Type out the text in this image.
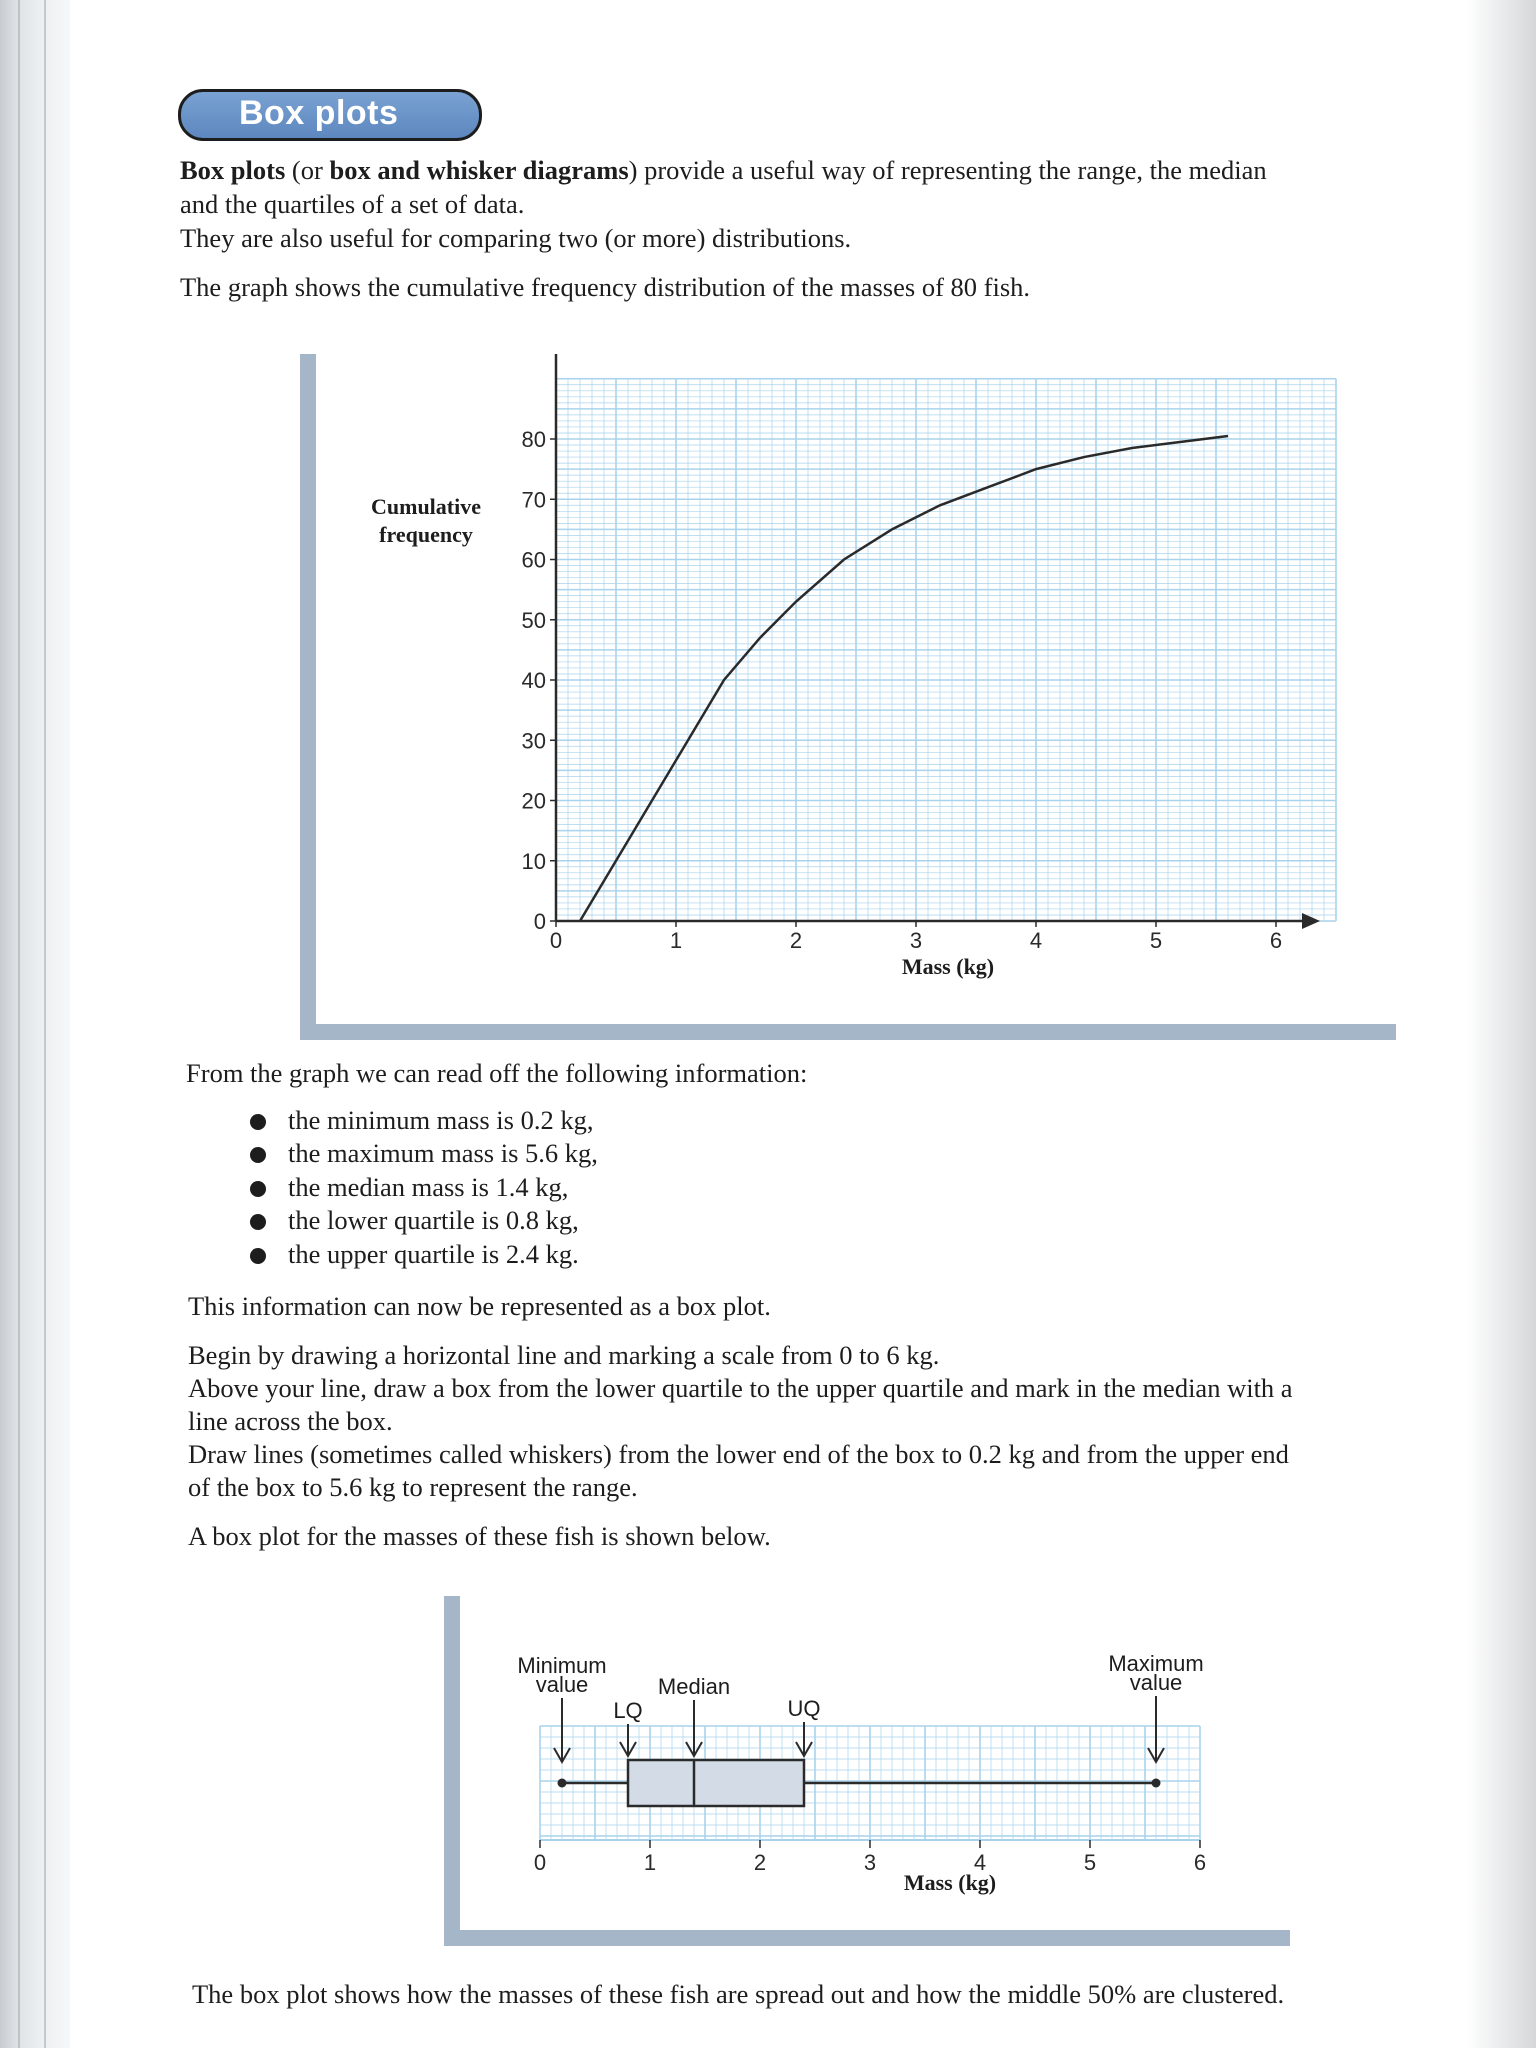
Box plots
Box plots (or box and whisker diagrams) provide a useful way of representing the range, the median
and the quartiles of a set of data.
They are also useful for comparing two (or more) distributions.
The graph shows the cumulative frequency distribution of the masses of 80 fish.
0	1	2	3	4	5	6
0
10
20
30
40
50
60
70
80
Cumulative
frequency
Mass (kg)
From the graph we can read off the following information:
the minimum mass is 0.2 kg,
the maximum mass is 5.6 kg,
the median mass is 1.4 kg,
the lower quartile is 0.8 kg,
the upper quartile is 2.4 kg.
This information can now be represented as a box plot.
Begin by drawing a horizontal line and marking a scale from 0 to 6 kg.
Above your line, draw a box from the lower quartile to the upper quartile and mark in the median with a
line across the box.
Draw lines (sometimes called whiskers) from the lower end of the box to 0.2 kg and from the upper end
of the box to 5.6 kg to represent the range.
A box plot for the masses of these fish is shown below.
0	1	2	3	4	5	6
Minimum
value
LQ
Median
UQ
Maximum
value
Mass (kg)
The box plot shows how the masses of these fish are spread out and how the middle 50% are clustered.
